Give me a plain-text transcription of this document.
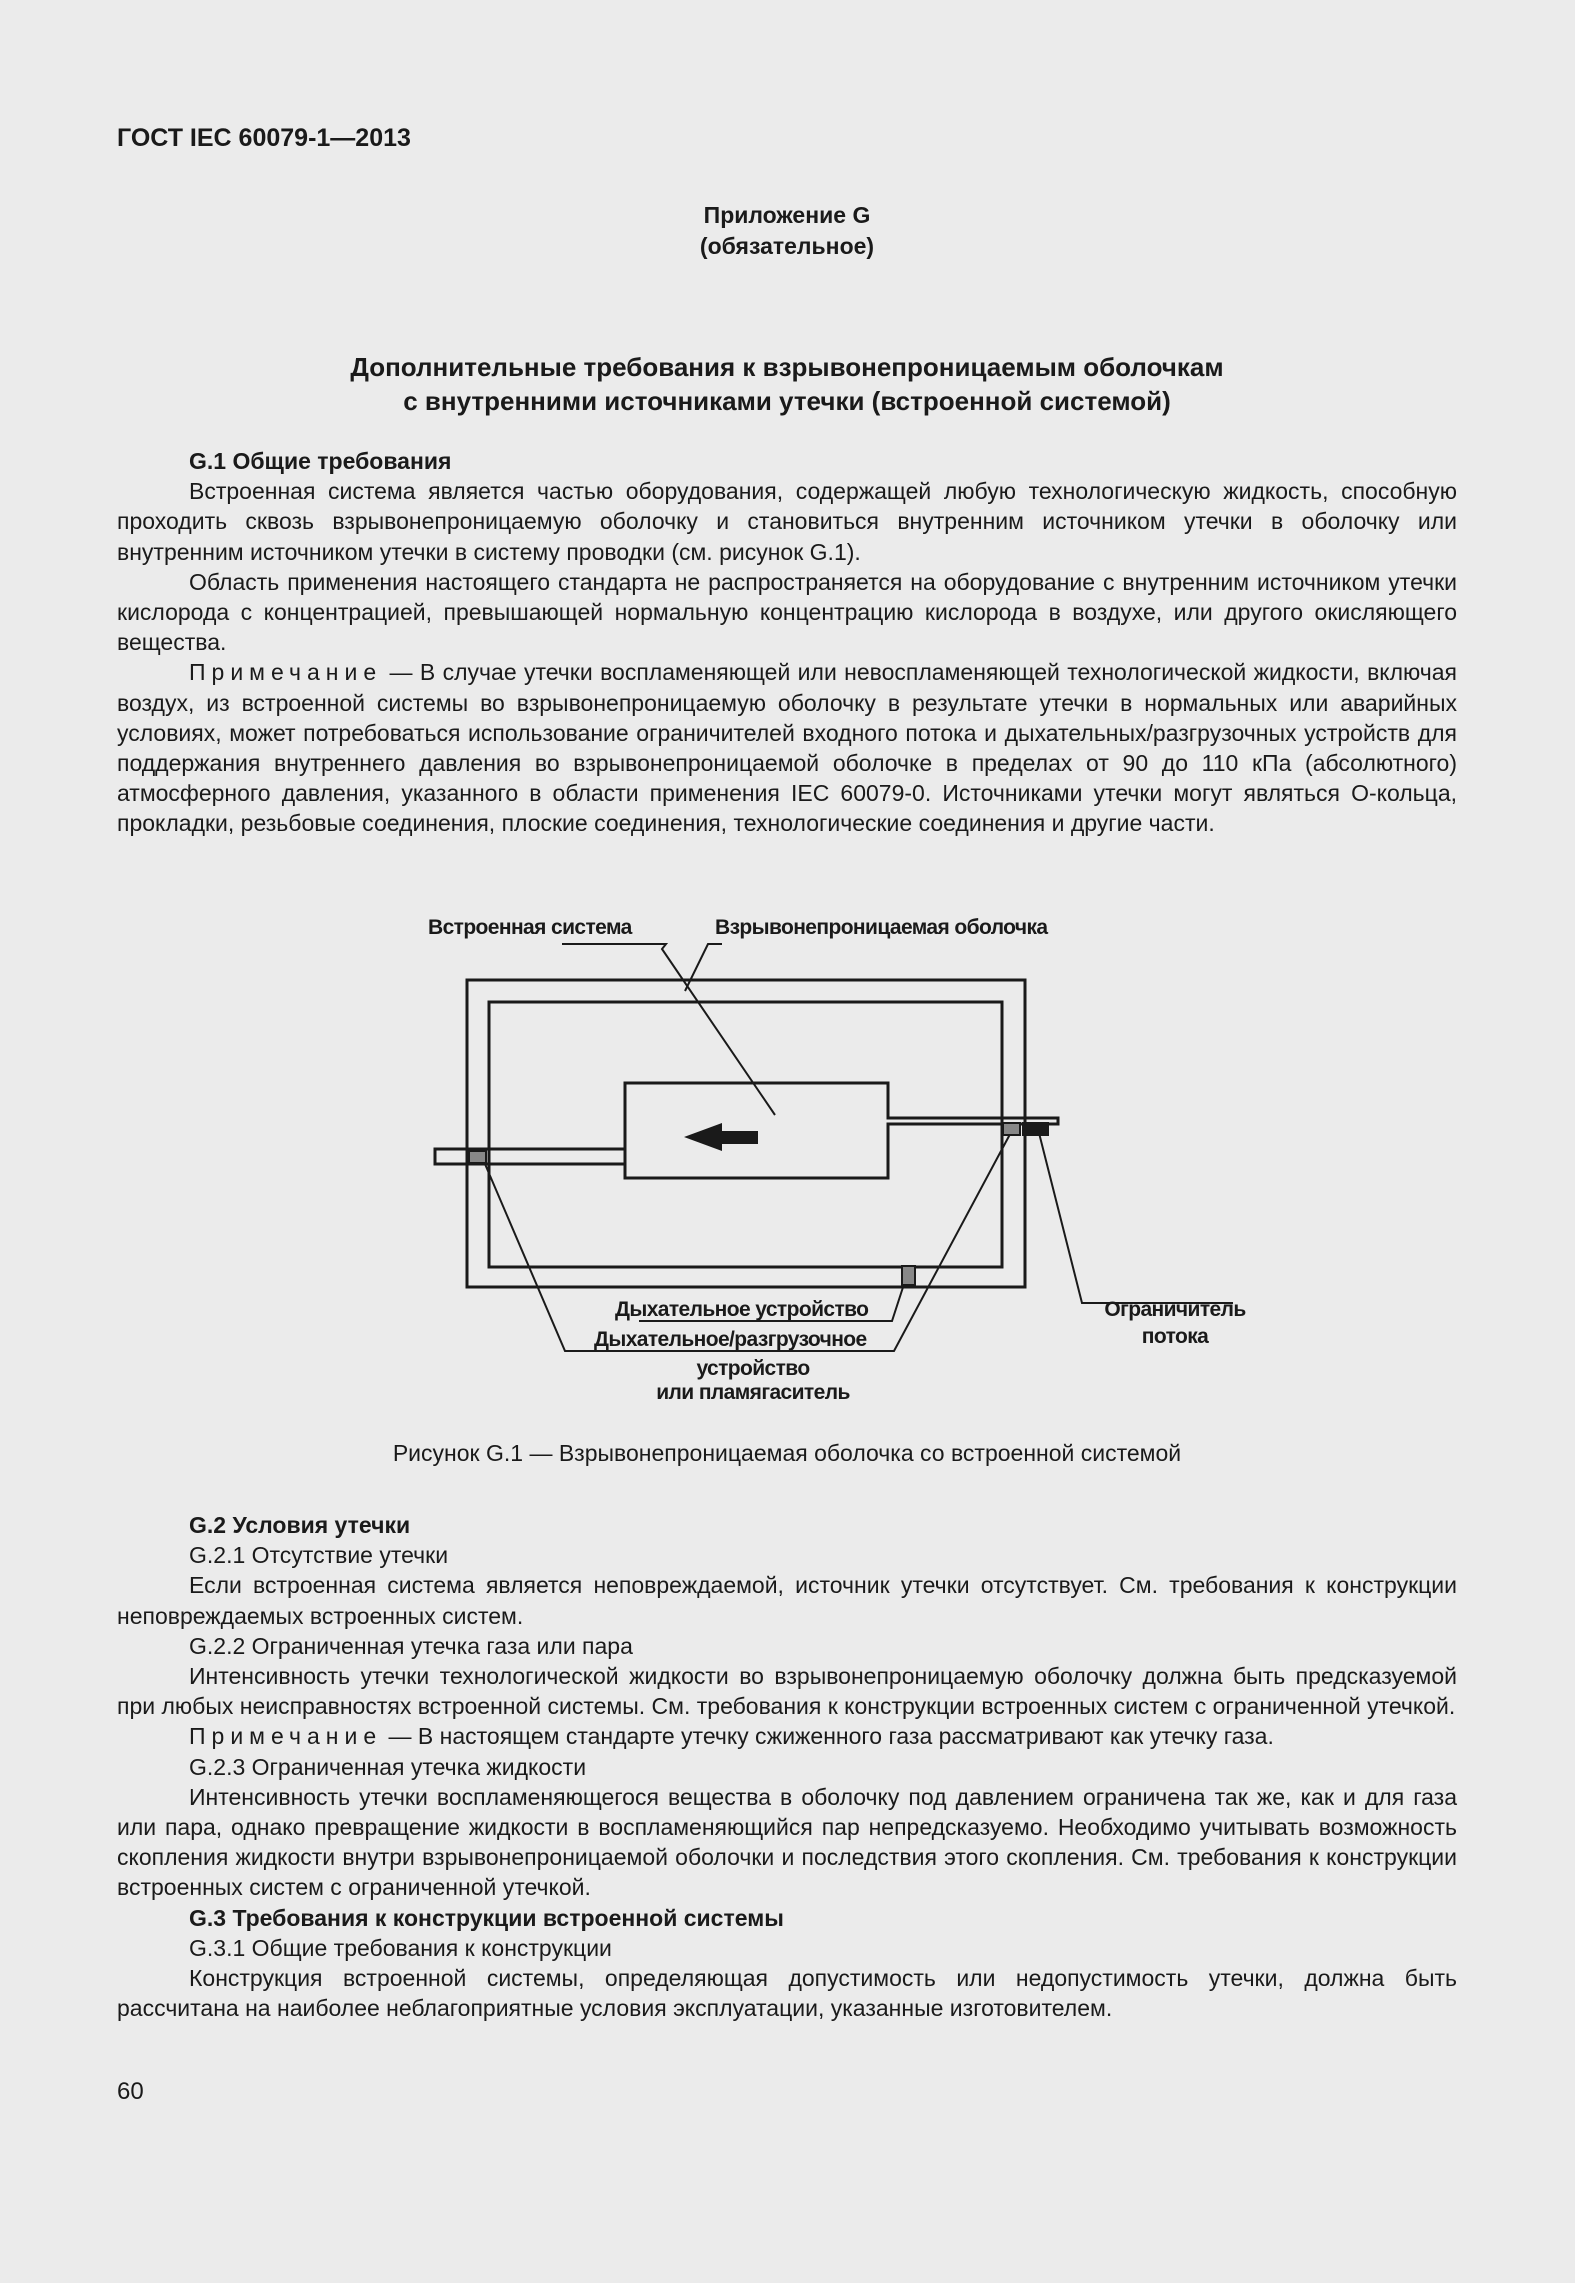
ГОСТ IEC 60079-1—2013
Приложение G
(обязательное)
Дополнительные требования к взрывонепроницаемым оболочкам
с внутренними источниками утечки (встроенной системой)

G.1 Общие требования

Встроенная система является частью оборудования, содержащей любую технологическую жидкость, способную проходить сквозь взрывонепроницаемую оболочку и становиться внутренним источником утечки в оболочку или внутренним источником утечки в систему проводки (см. рисунок G.1).

Область применения настоящего стандарта не распространяется на оборудование с внутренним источником утечки кислорода с концентрацией, превышающей нормальную концентрацию кислорода в воздухе, или другого окисляющего вещества.

Примечание — В случае утечки воспламеняющей или невоспламеняющей технологической жидкости, включая воздух, из встроенной системы во взрывонепроницаемую оболочку в результате утечки в нормальных или аварийных условиях, может потребоваться использование ограничителей входного потока и дыхательных/разгрузочных устройств для поддержания внутреннего давления во взрывонепроницаемой оболочке в пределах от 90 до 110 кПа (абсолютного) атмосферного давления, указанного в области применения IEC 60079-0. Источниками утечки могут являться О-кольца, прокладки, резьбовые соединения, плоские соединения, технологические соединения и другие части.

Встроенная система	Взрывонепроницаемая оболочка
Дыхательное устройство
Дыхательное/разгрузочное
устройство
или пламягаситель
Ограничитель
потока
Рисунок G.1 — Взрывонепроницаемая оболочка со встроенной системой

G.2 Условия утечки

G.2.1 Отсутствие утечки

Если встроенная система является неповреждаемой, источник утечки отсутствует. См. требования к конструкции неповреждаемых встроенных систем.

G.2.2 Ограниченная утечка газа или пара

Интенсивность утечки технологической жидкости во взрывонепроницаемую оболочку должна быть предсказуемой при любых неисправностях встроенной системы. См. требования к конструкции встроенных систем с ограниченной утечкой.

Примечание — В настоящем стандарте утечку сжиженного газа рассматривают как утечку газа.

G.2.3 Ограниченная утечка жидкости

Интенсивность утечки воспламеняющегося вещества в оболочку под давлением ограничена так же, как и для газа или пара, однако превращение жидкости в воспламеняющийся пар непредсказуемо. Необходимо учитывать возможность скопления жидкости внутри взрывонепроницаемой оболочки и последствия этого скопления. См. требования к конструкции встроенных систем с ограниченной утечкой.

G.3 Требования к конструкции встроенной системы

G.3.1 Общие требования к конструкции

Конструкция встроенной системы, определяющая допустимость или недопустимость утечки, должна быть рассчитана на наиболее неблагоприятные условия эксплуатации, указанные изготовителем.

60
